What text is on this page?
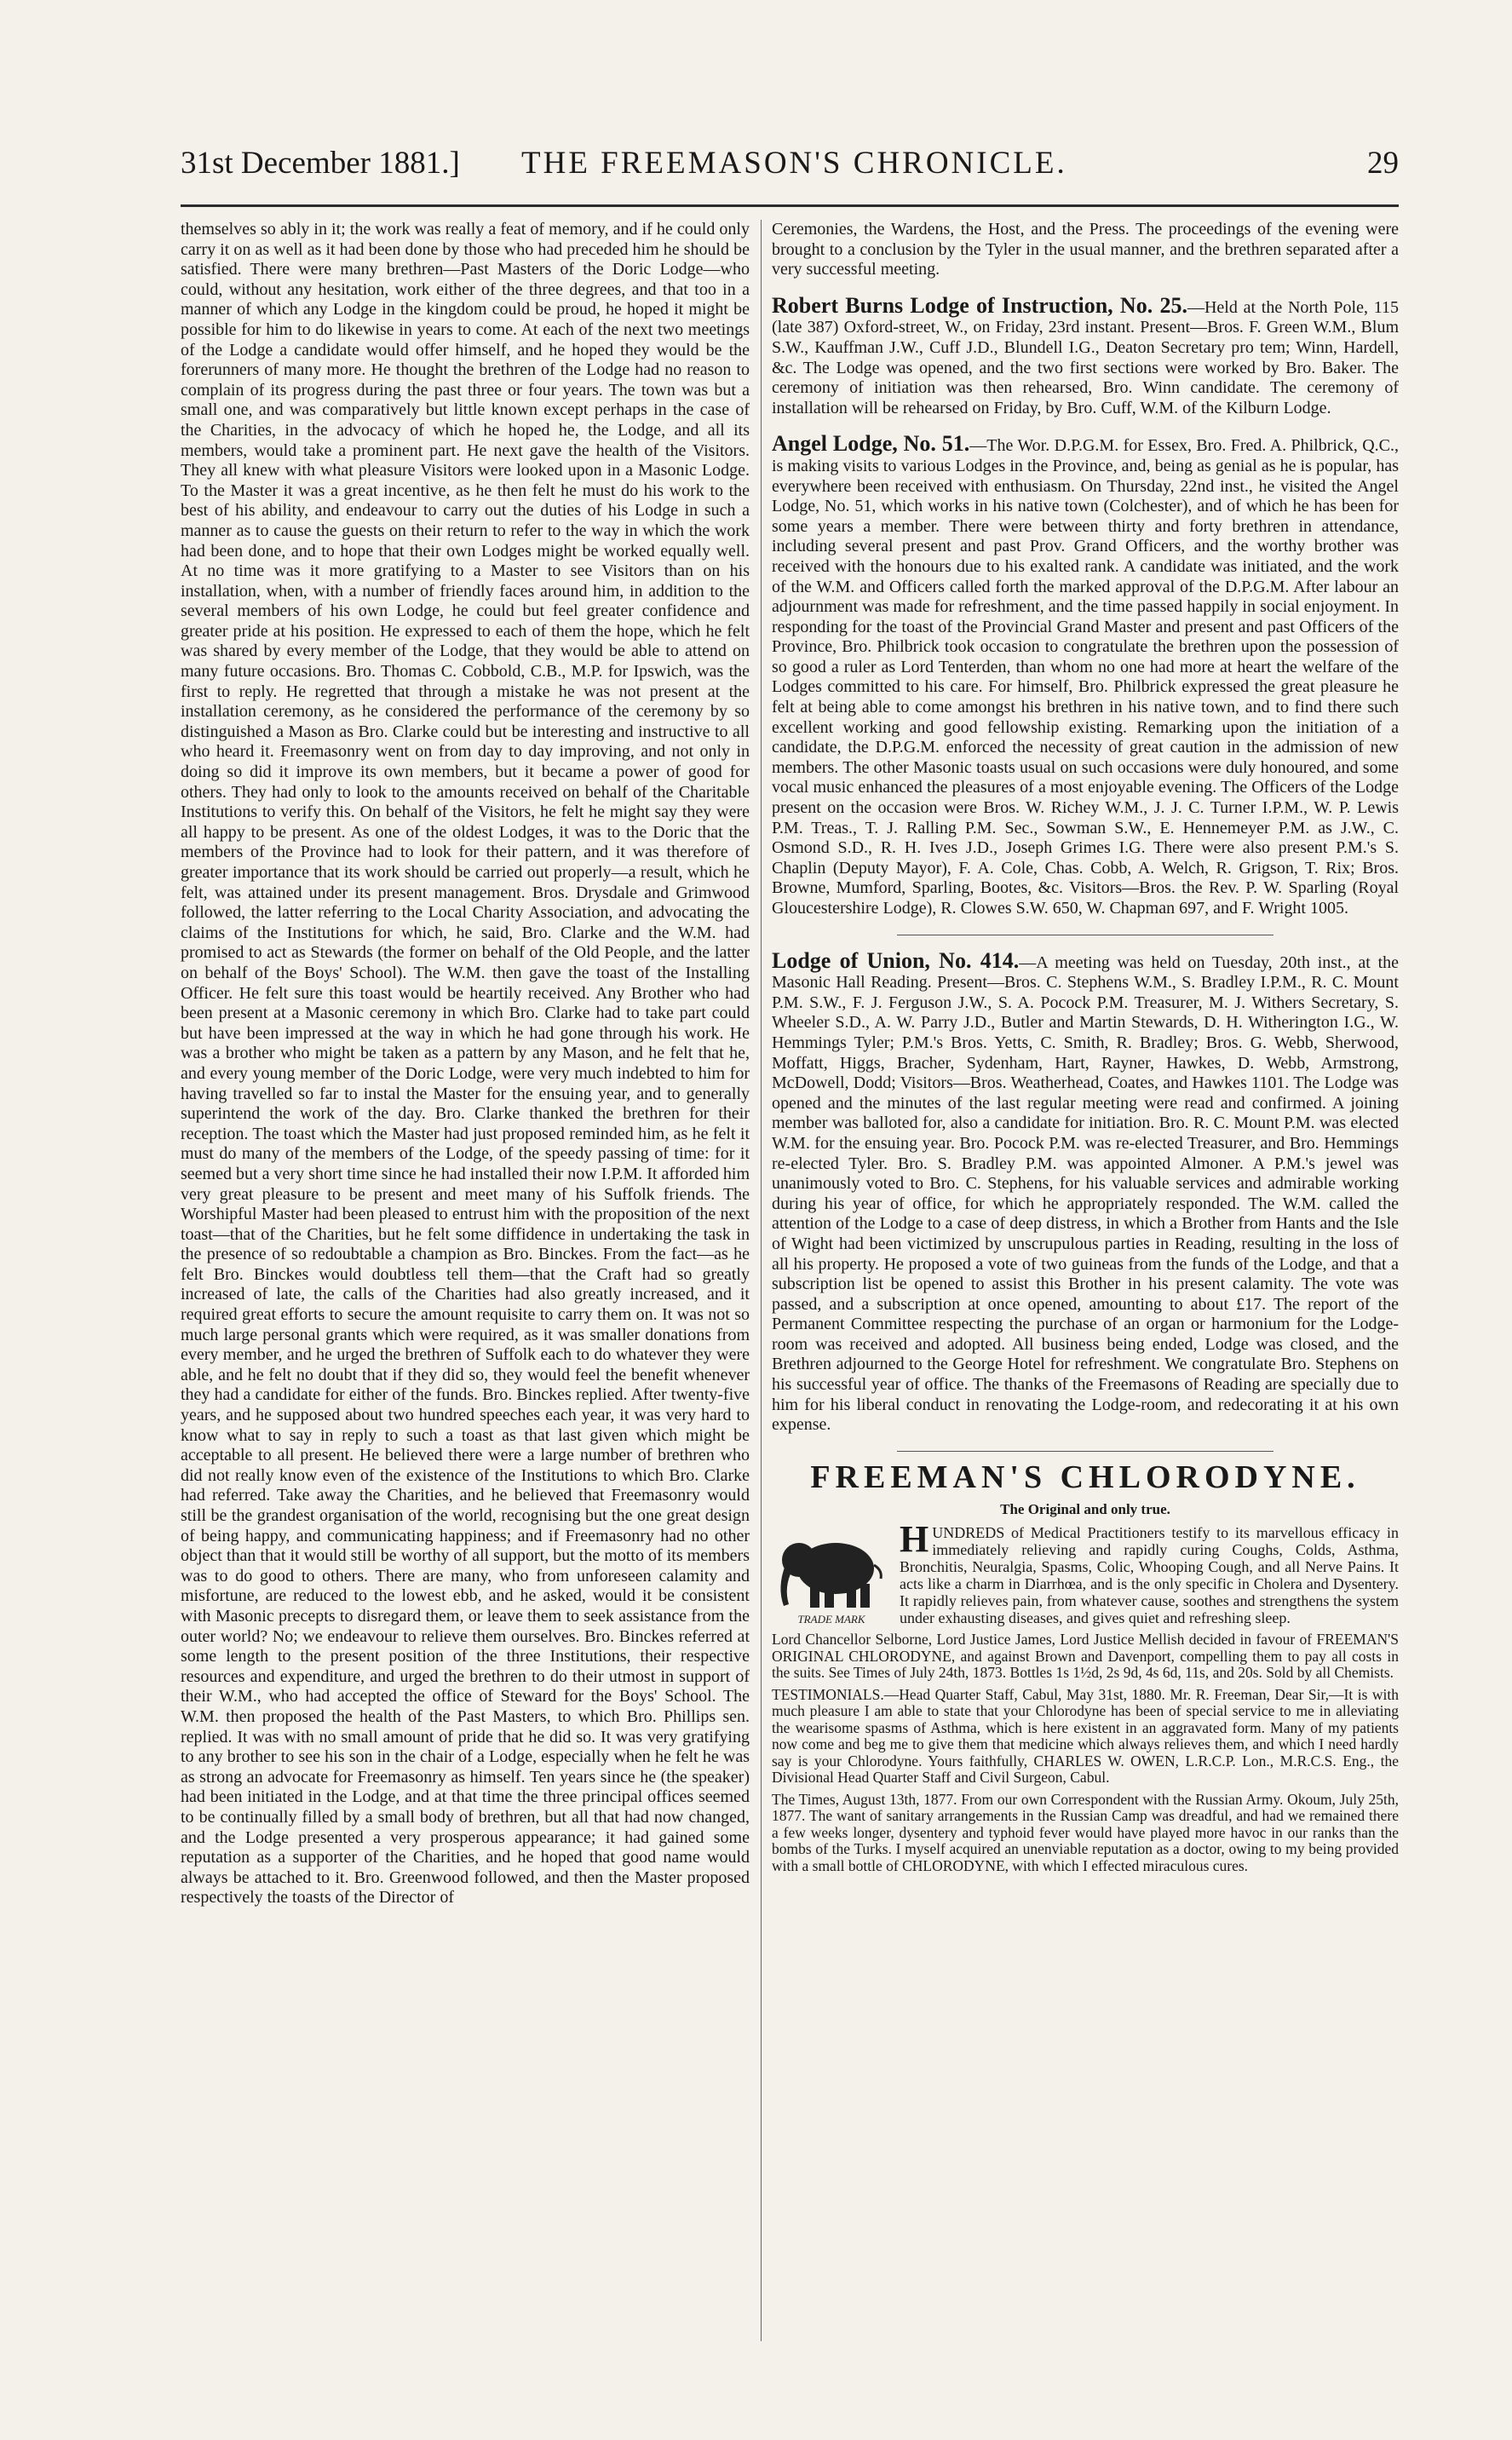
31st December 1881.] THE FREEMASON'S CHRONICLE.	29

themselves so ably in it; the work was really a feat of memory, and if he could only carry it on as well as it had been done by those who had preceded him he should be satisfied. There were many brethren—Past Masters of the Doric Lodge—who could, without any hesitation, work either of the three degrees, and that too in a manner of which any Lodge in the kingdom could be proud, he hoped it might be possible for him to do likewise in years to come. At each of the next two meetings of the Lodge a candidate would offer himself, and he hoped they would be the forerunners of many more. He thought the brethren of the Lodge had no reason to complain of its progress during the past three or four years. The town was but a small one, and was comparatively but little known except perhaps in the case of the Charities, in the advocacy of which he hoped he, the Lodge, and all its members, would take a prominent part. He next gave the health of the Visitors. They all knew with what pleasure Visitors were looked upon in a Masonic Lodge. To the Master it was a great incentive, as he then felt he must do his work to the best of his ability, and endeavour to carry out the duties of his Lodge in such a manner as to cause the guests on their return to refer to the way in which the work had been done, and to hope that their own Lodges might be worked equally well. At no time was it more gratifying to a Master to see Visitors than on his installation, when, with a number of friendly faces around him, in addition to the several members of his own Lodge, he could but feel greater confidence and greater pride at his position. He expressed to each of them the hope, which he felt was shared by every member of the Lodge, that they would be able to attend on many future occasions. Bro. Thomas C. Cobbold, C.B., M.P. for Ipswich, was the first to reply. He regretted that through a mistake he was not present at the installation ceremony, as he considered the performance of the ceremony by so distinguished a Mason as Bro. Clarke could but be interesting and instructive to all who heard it. Freemasonry went on from day to day improving, and not only in doing so did it improve its own members, but it became a power of good for others. They had only to look to the amounts received on behalf of the Charitable Institutions to verify this. On behalf of the Visitors, he felt he might say they were all happy to be present. As one of the oldest Lodges, it was to the Doric that the members of the Province had to look for their pattern, and it was therefore of greater importance that its work should be carried out properly—a result, which he felt, was attained under its present management. Bros. Drysdale and Grimwood followed, the latter referring to the Local Charity Association, and advocating the claims of the Institutions for which, he said, Bro. Clarke and the W.M. had promised to act as Stewards (the former on behalf of the Old People, and the latter on behalf of the Boys' School). The W.M. then gave the toast of the Installing Officer. He felt sure this toast would be heartily received. Any Brother who had been present at a Masonic ceremony in which Bro. Clarke had to take part could but have been impressed at the way in which he had gone through his work. He was a brother who might be taken as a pattern by any Mason, and he felt that he, and every young member of the Doric Lodge, were very much indebted to him for having travelled so far to instal the Master for the ensuing year, and to generally superintend the work of the day. Bro. Clarke thanked the brethren for their reception. The toast which the Master had just proposed reminded him, as he felt it must do many of the members of the Lodge, of the speedy passing of time: for it seemed but a very short time since he had installed their now I.P.M. It afforded him very great pleasure to be present and meet many of his Suffolk friends. The Worshipful Master had been pleased to entrust him with the proposition of the next toast—that of the Charities, but he felt some diffidence in undertaking the task in the presence of so redoubtable a champion as Bro. Binckes. From the fact—as he felt Bro. Binckes would doubtless tell them—that the Craft had so greatly increased of late, the calls of the Charities had also greatly increased, and it required great efforts to secure the amount requisite to carry them on. It was not so much large personal grants which were required, as it was smaller donations from every member, and he urged the brethren of Suffolk each to do whatever they were able, and he felt no doubt that if they did so, they would feel the benefit whenever they had a candidate for either of the funds. Bro. Binckes replied. After twenty-five years, and he supposed about two hundred speeches each year, it was very hard to know what to say in reply to such a toast as that last given which might be acceptable to all present. He believed there were a large number of brethren who did not really know even of the existence of the Institutions to which Bro. Clarke had referred. Take away the Charities, and he believed that Freemasonry would still be the grandest organisation of the world, recognising but the one great design of being happy, and communicating happiness; and if Freemasonry had no other object than that it would still be worthy of all support, but the motto of its members was to do good to others. There are many, who from unforeseen calamity and misfortune, are reduced to the lowest ebb, and he asked, would it be consistent with Masonic precepts to disregard them, or leave them to seek assistance from the outer world? No; we endeavour to relieve them ourselves. Bro. Binckes referred at some length to the present position of the three Institutions, their respective resources and expenditure, and urged the brethren to do their utmost in support of their W.M., who had accepted the office of Steward for the Boys' School. The W.M. then proposed the health of the Past Masters, to which Bro. Phillips sen. replied. It was with no small amount of pride that he did so. It was very gratifying to any brother to see his son in the chair of a Lodge, especially when he felt he was as strong an advocate for Freemasonry as himself. Ten years since he (the speaker) had been initiated in the Lodge, and at that time the three principal offices seemed to be continually filled by a small body of brethren, but all that had now changed, and the Lodge presented a very prosperous appearance; it had gained some reputation as a supporter of the Charities, and he hoped that good name would always be attached to it. Bro. Greenwood followed, and then the Master proposed respectively the toasts of the Director of

Ceremonies, the Wardens, the Host, and the Press. The proceedings of the evening were brought to a conclusion by the Tyler in the usual manner, and the brethren separated after a very successful meeting.

Robert Burns Lodge of Instruction, No. 25.—Held at the North Pole, 115 (late 387) Oxford-street, W., on Friday, 23rd instant. Present—Bros. F. Green W.M., Blum S.W., Kauffman J.W., Cuff J.D., Blundell I.G., Deaton Secretary pro tem; Winn, Hardell, &c. The Lodge was opened, and the two first sections were worked by Bro. Baker. The ceremony of initiation was then rehearsed, Bro. Winn candidate. The ceremony of installation will be rehearsed on Friday, by Bro. Cuff, W.M. of the Kilburn Lodge.

Angel Lodge, No. 51.—The Wor. D.P.G.M. for Essex, Bro. Fred. A. Philbrick, Q.C., is making visits to various Lodges in the Province, and, being as genial as he is popular, has everywhere been received with enthusiasm. On Thursday, 22nd inst., he visited the Angel Lodge, No. 51, which works in his native town (Colchester), and of which he has been for some years a member. There were between thirty and forty brethren in attendance, including several present and past Prov. Grand Officers, and the worthy brother was received with the honours due to his exalted rank. A candidate was initiated, and the work of the W.M. and Officers called forth the marked approval of the D.P.G.M. After labour an adjournment was made for refreshment, and the time passed happily in social enjoyment. In responding for the toast of the Provincial Grand Master and present and past Officers of the Province, Bro. Philbrick took occasion to congratulate the brethren upon the possession of so good a ruler as Lord Tenterden, than whom no one had more at heart the welfare of the Lodges committed to his care. For himself, Bro. Philbrick expressed the great pleasure he felt at being able to come amongst his brethren in his native town, and to find there such excellent working and good fellowship existing. Remarking upon the initiation of a candidate, the D.P.G.M. enforced the necessity of great caution in the admission of new members. The other Masonic toasts usual on such occasions were duly honoured, and some vocal music enhanced the pleasures of a most enjoyable evening. The Officers of the Lodge present on the occasion were Bros. W. Richey W.M., J. J. C. Turner I.P.M., W. P. Lewis P.M. Treas., T. J. Ralling P.M. Sec., Sowman S.W., E. Hennemeyer P.M. as J.W., C. Osmond S.D., R. H. Ives J.D., Joseph Grimes I.G. There were also present P.M.'s S. Chaplin (Deputy Mayor), F. A. Cole, Chas. Cobb, A. Welch, R. Grigson, T. Rix; Bros. Browne, Mumford, Sparling, Bootes, &c. Visitors—Bros. the Rev. P. W. Sparling (Royal Gloucestershire Lodge), R. Clowes S.W. 650, W. Chapman 697, and F. Wright 1005.

Lodge of Union, No. 414.—A meeting was held on Tuesday, 20th inst., at the Masonic Hall Reading. Present—Bros. C. Stephens W.M., S. Bradley I.P.M., R. C. Mount P.M. S.W., F. J. Ferguson J.W., S. A. Pocock P.M. Treasurer, M. J. Withers Secretary, S. Wheeler S.D., A. W. Parry J.D., Butler and Martin Stewards, D. H. Witherington I.G., W. Hemmings Tyler; P.M.'s Bros. Yetts, C. Smith, R. Bradley; Bros. G. Webb, Sherwood, Moffatt, Higgs, Bracher, Sydenham, Hart, Rayner, Hawkes, D. Webb, Armstrong, McDowell, Dodd; Visitors—Bros. Weatherhead, Coates, and Hawkes 1101. The Lodge was opened and the minutes of the last regular meeting were read and confirmed. A joining member was balloted for, also a candidate for initiation. Bro. R. C. Mount P.M. was elected W.M. for the ensuing year. Bro. Pocock P.M. was re-elected Treasurer, and Bro. Hemmings re-elected Tyler. Bro. S. Bradley P.M. was appointed Almoner. A P.M.'s jewel was unanimously voted to Bro. C. Stephens, for his valuable services and admirable working during his year of office, for which he appropriately responded. The W.M. called the attention of the Lodge to a case of deep distress, in which a Brother from Hants and the Isle of Wight had been victimized by unscrupulous parties in Reading, resulting in the loss of all his property. He proposed a vote of two guineas from the funds of the Lodge, and that a subscription list be opened to assist this Brother in his present calamity. The vote was passed, and a subscription at once opened, amounting to about £17. The report of the Permanent Committee respecting the purchase of an organ or harmonium for the Lodge-room was received and adopted. All business being ended, Lodge was closed, and the Brethren adjourned to the George Hotel for refreshment. We congratulate Bro. Stephens on his successful year of office. The thanks of the Freemasons of Reading are specially due to him for his liberal conduct in renovating the Lodge-room, and redecorating it at his own expense.

FREEMAN'S CHLORODYNE.
The Original and only true.
TRADE MARK
H UNDREDS of Medical Practitioners testify to its marvellous efficacy in immediately relieving and rapidly curing Coughs, Colds, Asthma, Bronchitis, Neuralgia, Spasms, Colic, Whooping Cough, and all Nerve Pains. It acts like a charm in Diarrhœa, and is the only specific in Cholera and Dysentery. It rapidly relieves pain, from whatever cause, soothes and strengthens the system under exhausting diseases, and gives quiet and refreshing sleep.

Lord Chancellor Selborne, Lord Justice James, Lord Justice Mellish decided in favour of FREEMAN'S ORIGINAL CHLORODYNE, and against Brown and Davenport, compelling them to pay all costs in the suits. See Times of July 24th, 1873. Bottles 1s 1½d, 2s 9d, 4s 6d, 11s, and 20s. Sold by all Chemists.

TESTIMONIALS.—Head Quarter Staff, Cabul, May 31st, 1880. Mr. R. Freeman, Dear Sir,—It is with much pleasure I am able to state that your Chlorodyne has been of special service to me in alleviating the wearisome spasms of Asthma, which is here existent in an aggravated form. Many of my patients now come and beg me to give them that medicine which always relieves them, and which I need hardly say is your Chlorodyne. Yours faithfully, CHARLES W. OWEN, L.R.C.P. Lon., M.R.C.S. Eng., the Divisional Head Quarter Staff and Civil Surgeon, Cabul.

The Times, August 13th, 1877. From our own Correspondent with the Russian Army. Okoum, July 25th, 1877. The want of sanitary arrangements in the Russian Camp was dreadful, and had we remained there a few weeks longer, dysentery and typhoid fever would have played more havoc in our ranks than the bombs of the Turks. I myself acquired an unenviable reputation as a doctor, owing to my being provided with a small bottle of CHLORODYNE, with which I effected miraculous cures.
